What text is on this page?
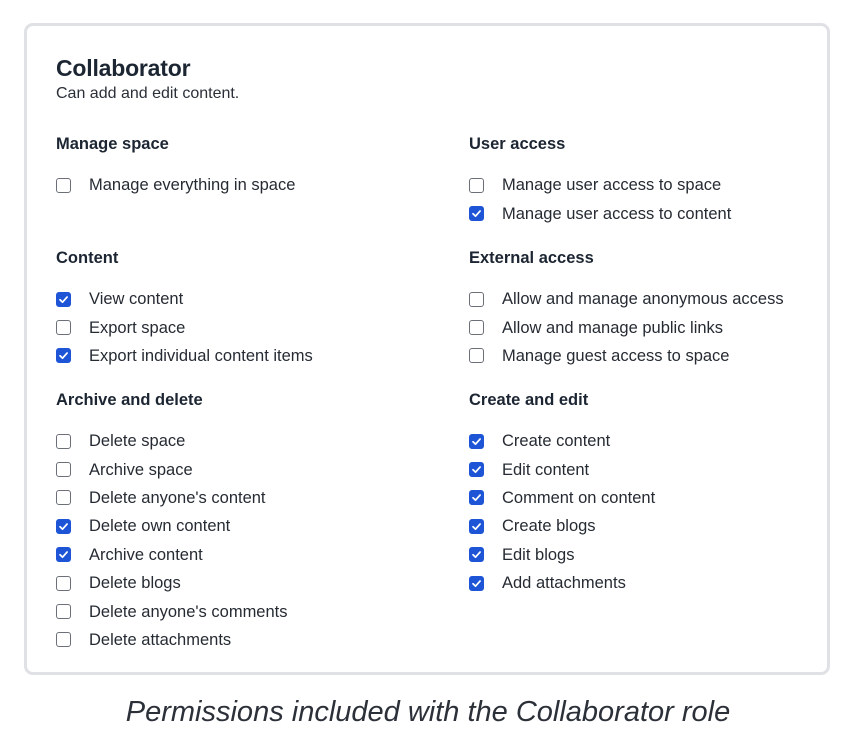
Collaborator
Can add and edit content.
Manage space
Manage everything in space
Content
View content
Export space
Export individual content items
Archive and delete
Delete space
Archive space
Delete anyone's content
Delete own content
Archive content
Delete blogs
Delete anyone's comments
Delete attachments
User access
Manage user access to space
Manage user access to content
External access
Allow and manage anonymous access
Allow and manage public links
Manage guest access to space
Create and edit
Create content
Edit content
Comment on content
Create blogs
Edit blogs
Add attachments
Permissions included with the Collaborator role
